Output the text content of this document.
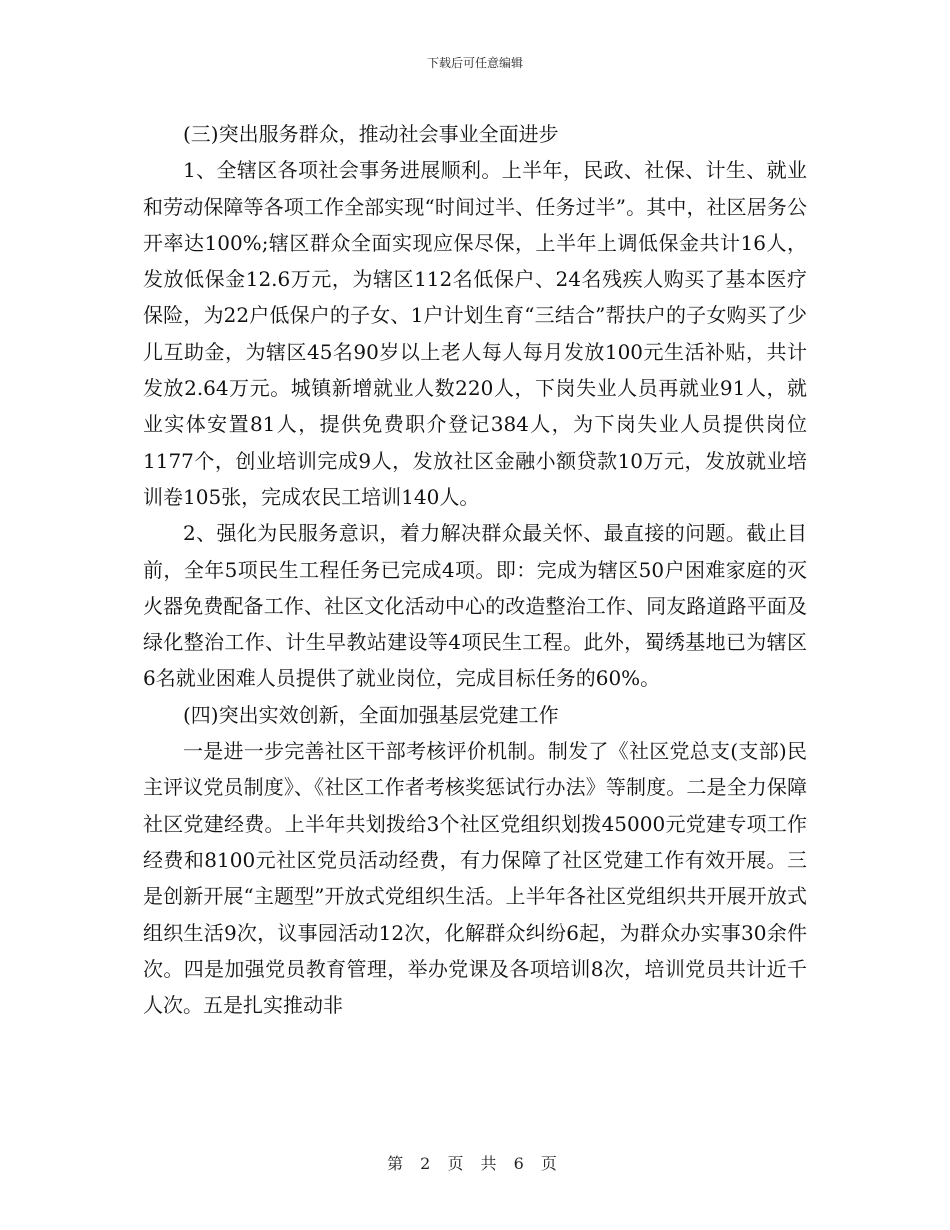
下载后可任意编辑

(三)突出服务群众，推动社会事业全面进步

1、全辖区各项社会事务进展顺利。上半年，民政、社保、计生、就业和劳动保障等各项工作全部实现“时间过半、任务过半”。其中，社区居务公开率达100%;辖区群众全面实现应保尽保，上半年上调低保金共计16人，发放低保金12.6万元，为辖区112名低保户、24名残疾人购买了基本医疗保险，为22户低保户的子女、1户计划生育“三结合”帮扶户的子女购买了少儿互助金，为辖区45名90岁以上老人每人每月发放100元生活补贴，共计发放2.64万元。城镇新增就业人数220人，下岗失业人员再就业91人，就业实体安置81人，提供免费职介登记384人，为下岗失业人员提供岗位1177个，创业培训完成9人，发放社区金融小额贷款10万元，发放就业培训卷105张，完成农民工培训140人。

2、强化为民服务意识，着力解决群众最关怀、最直接的问题。截止目前，全年5项民生工程任务已完成4项。即：完成为辖区50户困难家庭的灭火器免费配备工作、社区文化活动中心的改造整治工作、同友路道路平面及绿化整治工作、计生早教站建设等4项民生工程。此外，蜀绣基地已为辖区6名就业困难人员提供了就业岗位，完成目标任务的60%。

(四)突出实效创新，全面加强基层党建工作

一是进一步完善社区干部考核评价机制。制发了《社区党总支(支部)民主评议党员制度》、《社区工作者考核奖惩试行办法》等制度。二是全力保障社区党建经费。上半年共划拨给3个社区党组织划拨45000元党建专项工作经费和8100元社区党员活动经费，有力保障了社区党建工作有效开展。三是创新开展“主题型”开放式党组织生活。上半年各社区党组织共开展开放式组织生活9次，议事园活动12次，化解群众纠纷6起，为群众办实事30余件次。四是加强党员教育管理，举办党课及各项培训8次，培训党员共计近千人次。五是扎实推动非

第 2 页 共 6 页
